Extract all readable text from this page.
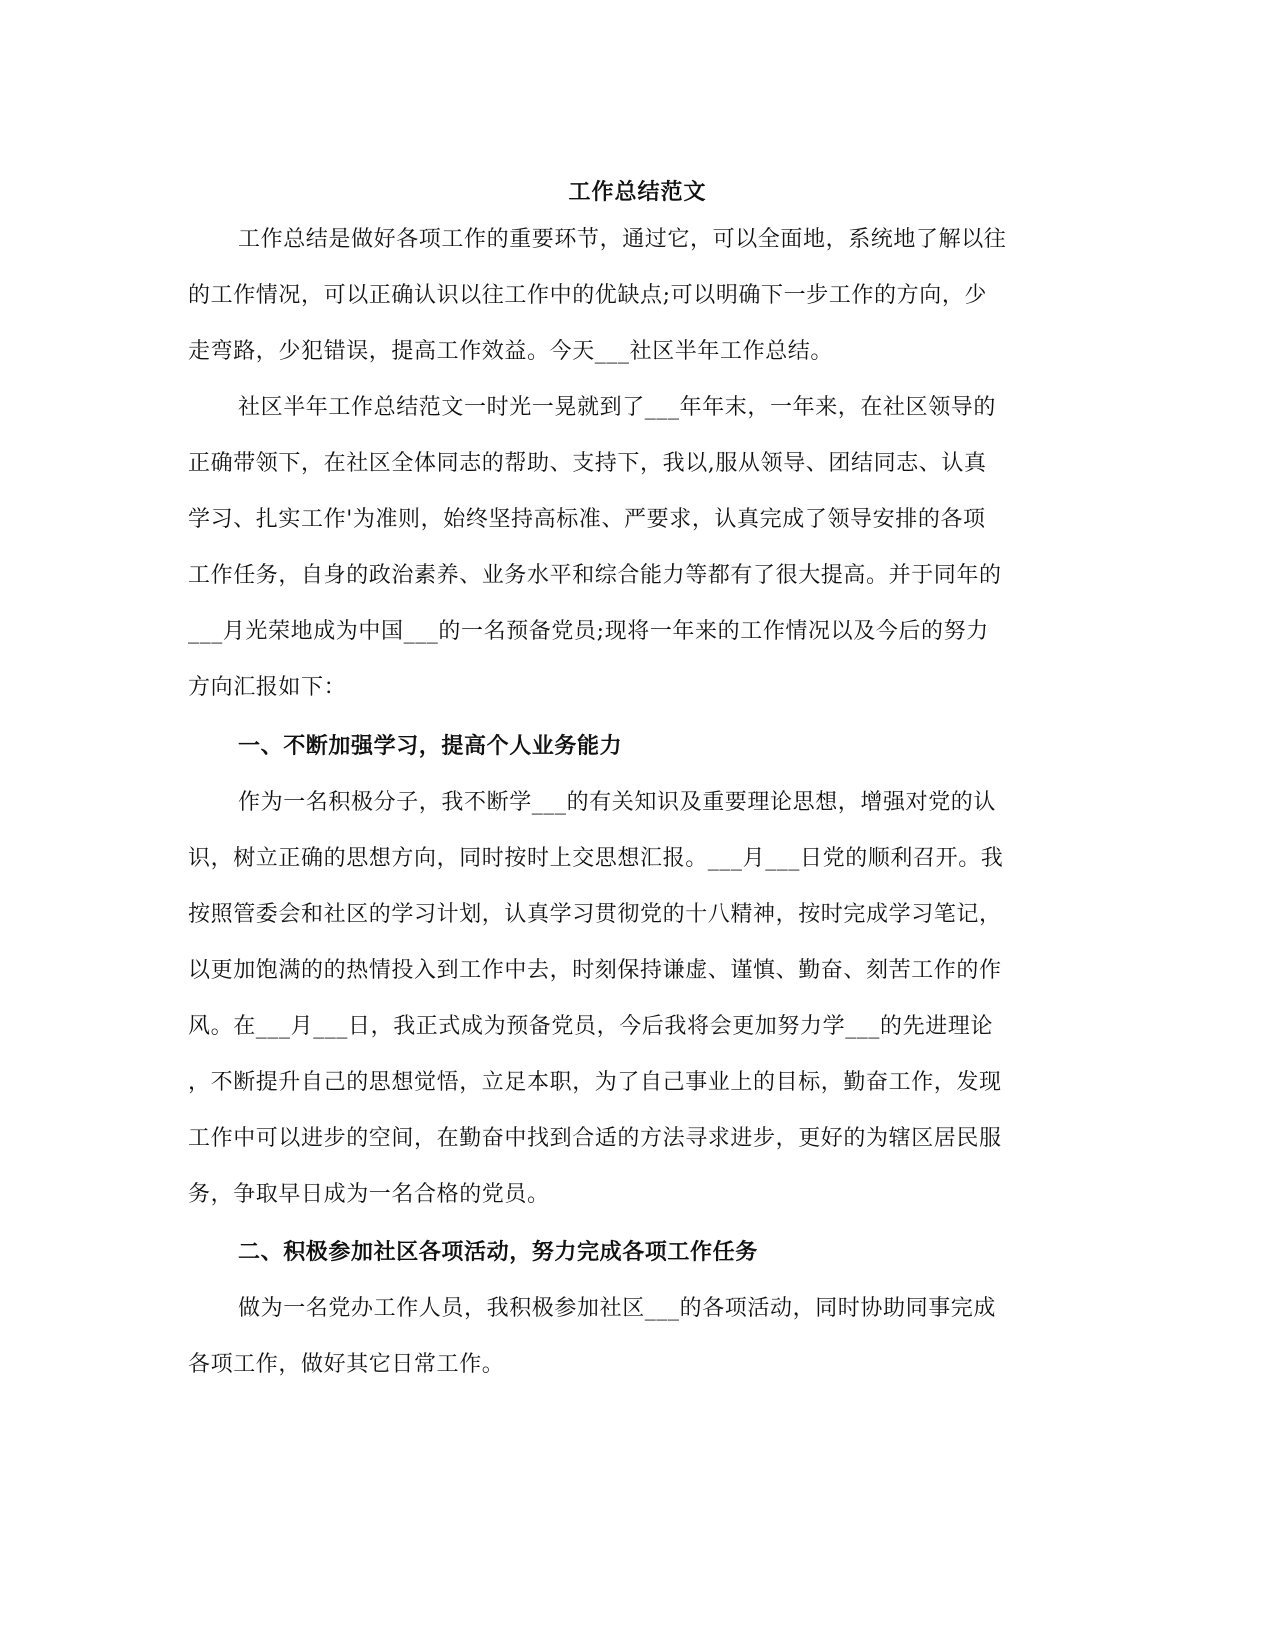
工作总结范文
工作总结是做好各项工作的重要环节，通过它，可以全面地，系统地了解以往
的工作情况，可以正确认识以往工作中的优缺点;可以明确下一步工作的方向，少
走弯路，少犯错误，提高工作效益。今天___社区半年工作总结。
社区半年工作总结范文一时光一晃就到了___年年末，一年来，在社区领导的
正确带领下，在社区全体同志的帮助、支持下，我以,服从领导、团结同志、认真
学习、扎实工作'为准则，始终坚持高标准、严要求，认真完成了领导安排的各项
工作任务，自身的政治素养、业务水平和综合能力等都有了很大提高。并于同年的
___月光荣地成为中国___的一名预备党员;现将一年来的工作情况以及今后的努力
方向汇报如下：
一、不断加强学习，提高个人业务能力
作为一名积极分子，我不断学___的有关知识及重要理论思想，增强对党的认
识，树立正确的思想方向，同时按时上交思想汇报。___月___日党的顺利召开。我
按照管委会和社区的学习计划，认真学习贯彻党的十八精神，按时完成学习笔记，
以更加饱满的的热情投入到工作中去，时刻保持谦虚、谨慎、勤奋、刻苦工作的作
风。在___月___日，我正式成为预备党员，今后我将会更加努力学___的先进理论
，不断提升自己的思想觉悟，立足本职，为了自己事业上的目标，勤奋工作，发现
工作中可以进步的空间，在勤奋中找到合适的方法寻求进步，更好的为辖区居民服
务，争取早日成为一名合格的党员。
二、积极参加社区各项活动，努力完成各项工作任务
做为一名党办工作人员，我积极参加社区___的各项活动，同时协助同事完成
各项工作，做好其它日常工作。
